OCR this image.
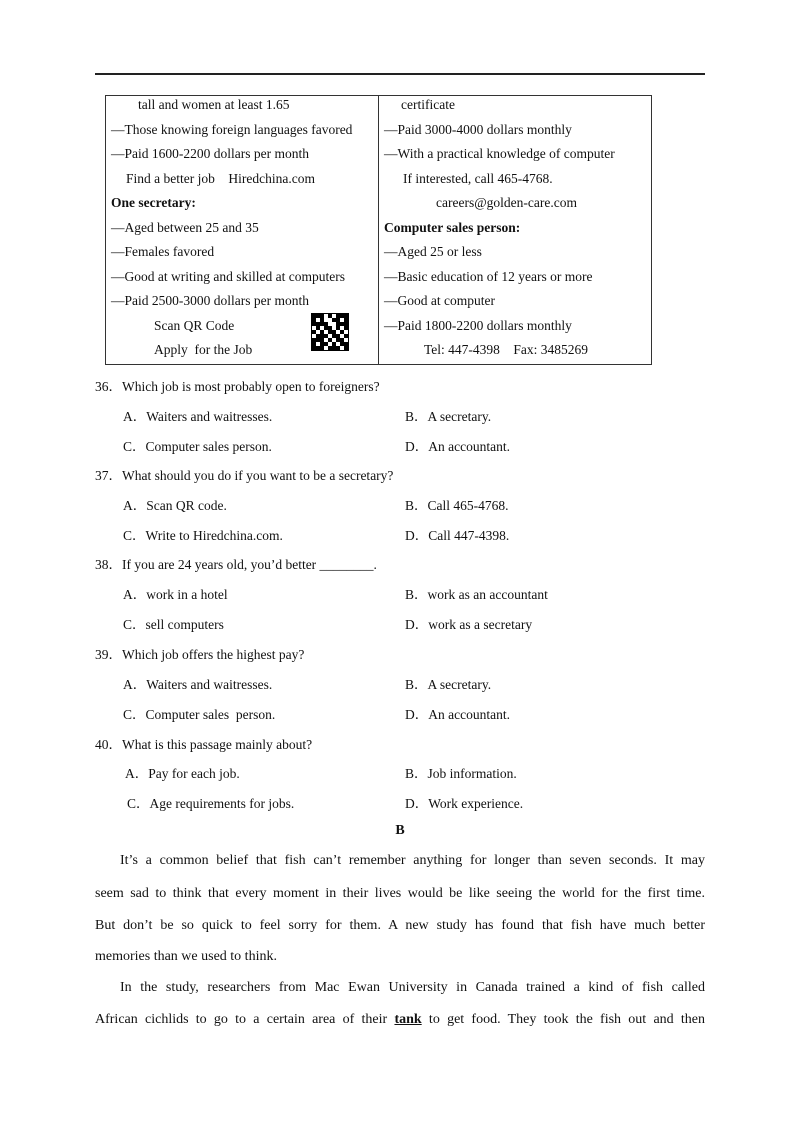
tall and women at least 1.65
—Those knowing foreign languages favored
—Paid 1600-2200 dollars per month
Find a better job    Hiredchina.com
One secretary:
—Aged between 25 and 35
—Females favored
—Good at writing and skilled at computers
—Paid 2500-3000 dollars per month
Scan QR Code
Apply  for the Job
certificate
—Paid 3000-4000 dollars monthly
—With a practical knowledge of computer
If interested, call 465-4768.
careers@golden-care.com
Computer sales person:
—Aged 25 or less
—Basic education of 12 years or more
—Good at computer
—Paid 1800-2200 dollars monthly
Tel: 447-4398    Fax: 3485269
36．Which job is most probably open to foreigners?
A．Waiters and waitresses.	B．A secretary.
C．Computer sales person.	D．An accountant.
37．What should you do if you want to be a secretary?
A．Scan QR code.	B．Call 465-4768.
C．Write to Hiredchina.com.	D．Call 447-4398.
38．If you are 24 years old, you’d better ________.
A．work in a hotel	B．work as an accountant
C．sell computers	D．work as a secretary
39．Which job offers the highest pay?
A．Waiters and waitresses.	B．A secretary.
C．Computer sales  person.	D．An accountant.
40．What is this passage mainly about?
A．Pay for each job.	B．Job information.
C．Age requirements for jobs.	D．Work experience.
B
It’s a common belief that fish can’t remember anything for longer than seven seconds. It may
seem sad to think that every moment in their lives would be like seeing the world for the first time.
But don’t be so quick to feel sorry for them. A new study has found that fish have much better
memories than we used to think.
In the study, researchers from Mac Ewan University in Canada trained a kind of fish called
African cichlids to go to a certain area of their tank to get food. They took the fish out and then
